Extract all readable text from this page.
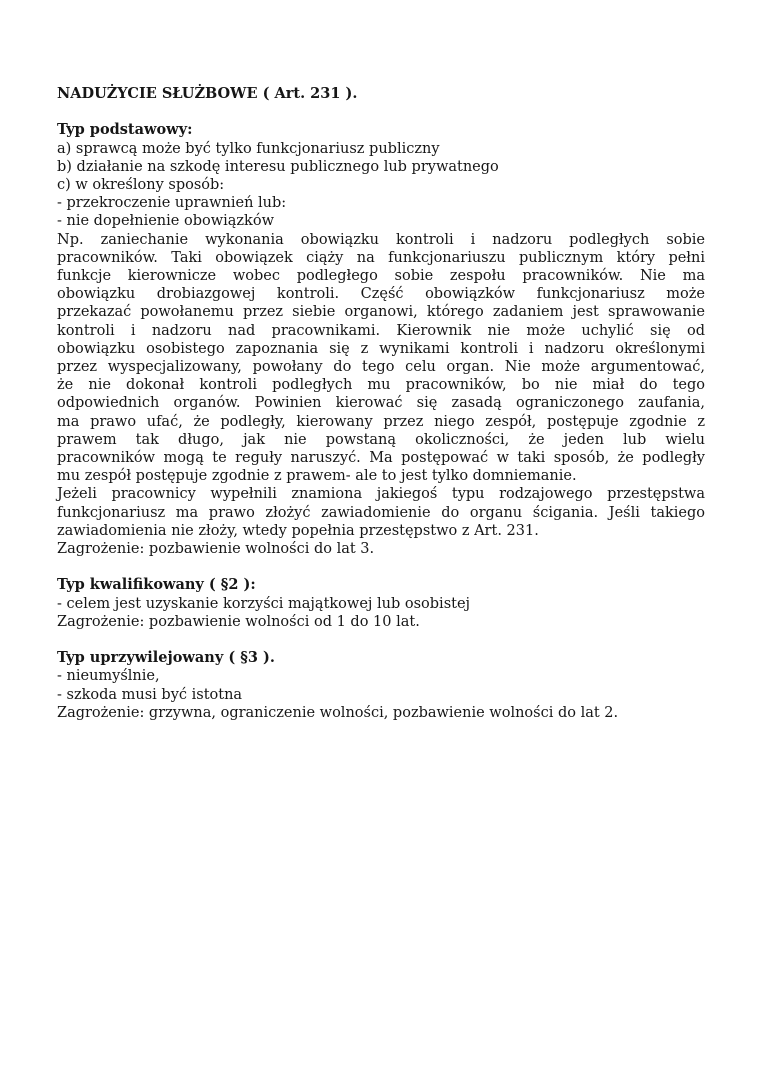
NADUŻYCIE SŁUŻBOWE ( Art. 231 ).
Typ podstawowy:
a) sprawcą może być tylko funkcjonariusz publiczny
b) działanie na szkodę interesu publicznego lub prywatnego
c) w określony sposób:
- przekroczenie uprawnień lub:
- nie dopełnienie obowiązków
Np. zaniechanie wykonania obowiązku kontroli i nadzoru podległych sobie
pracowników. Taki obowiązek ciąży na funkcjonariuszu publicznym który pełni
funkcje kierownicze wobec podległego sobie zespołu pracowników. Nie ma
obowiązku drobiazgowej kontroli. Część obowiązków funkcjonariusz może
przekazać powołanemu przez siebie organowi, którego zadaniem jest sprawowanie
kontroli i nadzoru nad pracownikami. Kierownik nie może uchylić się od
obowiązku osobistego zapoznania się z wynikami kontroli i nadzoru określonymi
przez wyspecjalizowany, powołany do tego celu organ. Nie może argumentować,
że nie dokonał kontroli podległych mu pracowników, bo nie miał do tego
odpowiednich organów. Powinien kierować się zasadą ograniczonego zaufania,
ma prawo ufać, że podległy, kierowany przez niego zespół, postępuje zgodnie z
prawem tak długo, jak nie powstaną okoliczności, że jeden lub wielu
pracowników mogą te reguły naruszyć. Ma postępować w taki sposób, że podległy
mu zespół postępuje zgodnie z prawem- ale to jest tylko domniemanie.
Jeżeli pracownicy wypełnili znamiona jakiegoś typu rodzajowego przestępstwa
funkcjonariusz ma prawo złożyć zawiadomienie do organu ścigania. Jeśli takiego
zawiadomienia nie złoży, wtedy popełnia przestępstwo z Art. 231.
Zagrożenie: pozbawienie wolności do lat 3.
Typ kwalifikowany ( §2 ):
- celem jest uzyskanie korzyści majątkowej lub osobistej
Zagrożenie: pozbawienie wolności od 1 do 10 lat.
Typ uprzywilejowany ( §3 ).
- nieumyślnie,
- szkoda musi być istotna
Zagrożenie: grzywna, ograniczenie wolności, pozbawienie wolności do lat 2.
